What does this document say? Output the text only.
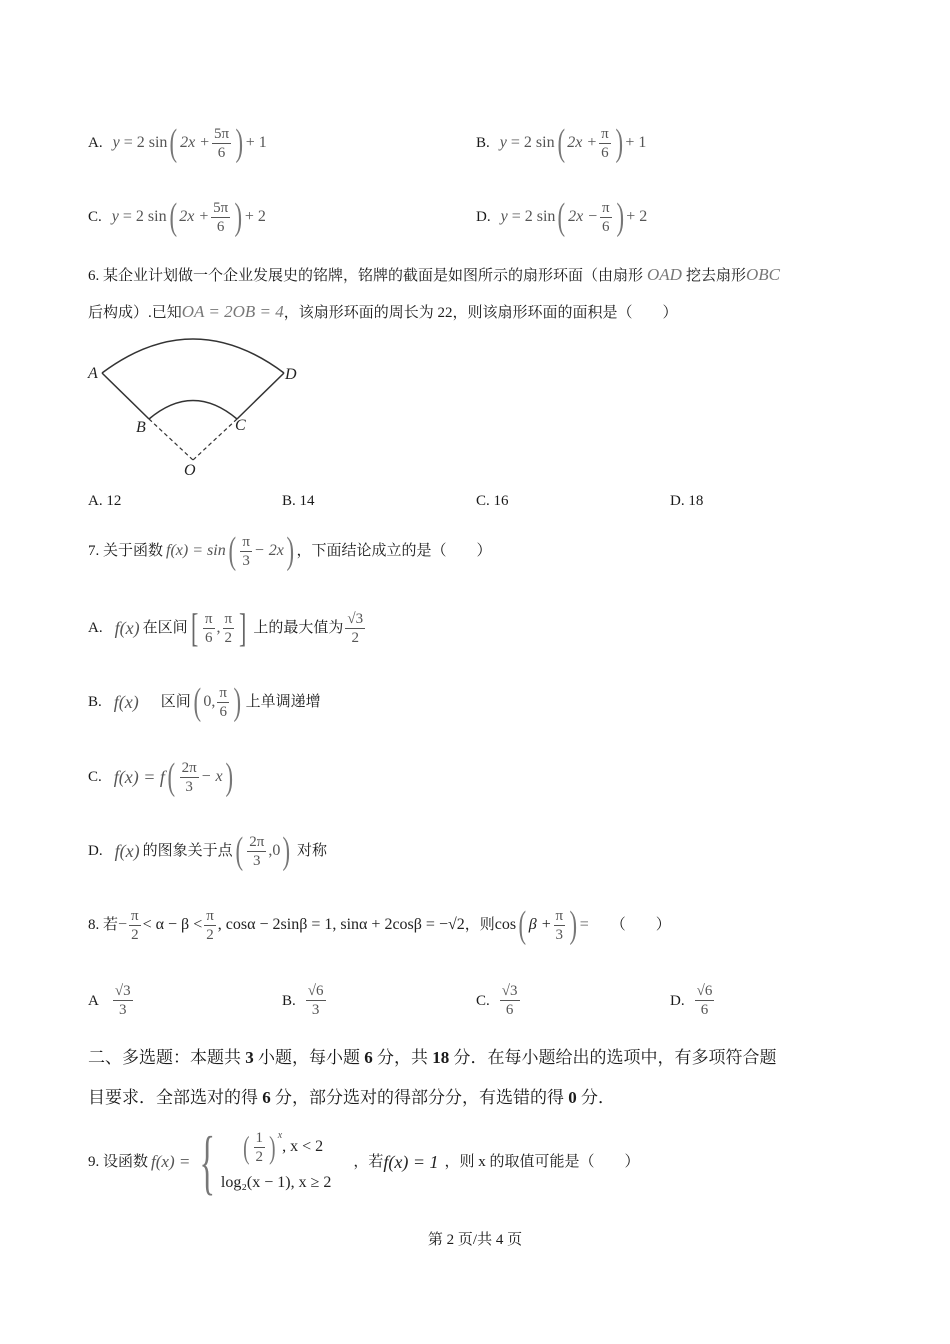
A. y = 2 sin ( $2x + \frac{5\pi}{6}$ ) + 1	B. y = 2 sin ( $2x + \frac{\pi}{6}$ ) + 1
C. y = 2 sin ( $2x + \frac{5\pi}{6}$ ) + 2	D. y = 2 sin ( $2x - \frac{\pi}{6}$ ) + 2
6. 某企业计划做一个企业发展史的铭牌，铭牌的截面是如图所示的扇形环面（由扇形 OAD 挖去扇形OBC
后构成）.已知OA = 2OB = 4，该扇形环面的周长为 22，则该扇形环面的面积是（　　）
A	D
B	C
O
A. 12	B. 14	C. 16	D. 18
7. 关于函数 f(x) = sin ( $\frac{\pi}{3} - 2x$ ) ，下面结论成立的是（　　）
A. f(x) 在区间 [ $\frac{\pi}{6}$ , $\frac{\pi}{2}$ ] 上的最大值为 $\frac{√3}{2}$
B. f(x) 区间 ( 0, $\frac{\pi}{6}$ ) 上单调递增
C. f(x) = f ( $\frac{2\pi}{3} - x$ )
D. f(x) 的图象关于点 ( $\frac{2\pi}{3} ,0$ ) 对称
8. 若 − $\frac{\pi}{2} < \alpha - \beta < \frac{\pi}{2}$ , cosα − 2sinβ = 1, sinα + 2cosβ = −√2 ，则 cos ( $\beta + \frac{\pi}{3}$ ) = （　　）
A $\frac{√3}{3}$	B. $\frac{√6}{3}$	C. $\frac{√3}{6}$	D. $\frac{√6}{6}$
二、多选题：本题共 3 小题，每小题 6 分，共 18 分．在每小题给出的选项中，有多项符合题
目要求．全部选对的得 6 分，部分选对的得部分分，有选错的得 0 分．
9. 设函数 f(x) = { ( $\frac{1}{2} )^x$
, x < 2
log₂(x − 1), x ≥ 2
，若 f(x) = 1 ，则 x 的取值可能是（　　）
第 2 页/共 4 页
